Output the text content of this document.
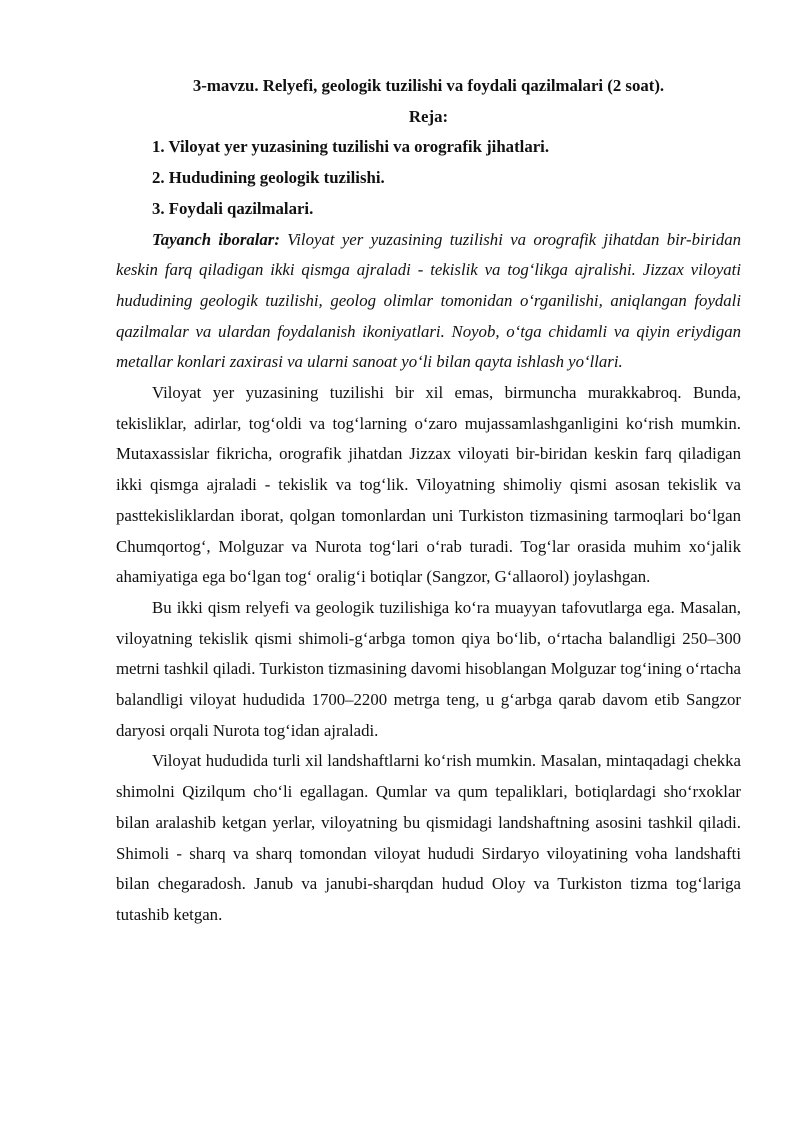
3-mavzu. Relyefi, geologik tuzilishi va foydali qazilmalari (2 soat).

Reja:

1. Viloyat yer yuzasining tuzilishi va orografik jihatlari.

2. Hududining geologik tuzilishi.

3. Foydali qazilmalari.

Tayanch iboralar: Viloyat yer yuzasining tuzilishi va orografik jihatdan bir-biridan keskin farq qiladigan ikki qismga ajraladi - tekislik va tog‘likga ajralishi. Jizzax viloyati hududining geologik tuzilishi, geolog olimlar tomonidan o‘rganilishi, aniqlangan foydali qazilmalar va ulardan foydalanish ikoniyatlari. Noyob, o‘tga chidamli va qiyin eriydigan metallar konlari zaxirasi va ularni sanoat yo‘li bilan qayta ishlash yo‘llari.

Viloyat yer yuzasining tuzilishi bir xil emas, birmuncha murakkabroq. Bunda, tekisliklar, adirlar, tog‘oldi va tog‘larning o‘zaro mujassamlashganligini ko‘rish mumkin. Mutaxassislar fikricha, orografik jihatdan Jizzax viloyati bir-biridan keskin farq qiladigan ikki qismga ajraladi - tekislik va tog‘lik. Viloyatning shimoliy qismi asosan tekislik va pasttekisliklardan iborat, qolgan tomonlardan uni Turkiston tizmasining tarmoqlari bo‘lgan Chumqortog‘, Molguzar va Nurota tog‘lari o‘rab turadi. Tog‘lar orasida muhim xo‘jalik ahamiyatiga ega bo‘lgan tog‘ oralig‘i botiqlar (Sangzor, G‘allaorol) joylashgan.

Bu ikki qism relyefi va geologik tuzilishiga ko‘ra muayyan tafovutlarga ega. Masalan, viloyatning tekislik qismi shimoli-g‘arbga tomon qiya bo‘lib, o‘rtacha balandligi 250–300 metrni tashkil qiladi. Turkiston tizmasining davomi hisoblangan Molguzar tog‘ining o‘rtacha balandligi viloyat hududida 1700–2200 metrga teng, u g‘arbga qarab davom etib Sangzor daryosi orqali Nurota tog‘idan ajraladi.

Viloyat hududida turli xil landshaftlarni ko‘rish mumkin. Masalan, mintaqadagi chekka shimolni Qizilqum cho‘li egallagan. Qumlar va qum tepaliklari, botiqlardagi sho‘rxoklar bilan aralashib ketgan yerlar, viloyatning bu qismidagi landshaftning asosini tashkil qiladi. Shimoli - sharq va sharq tomondan viloyat hududi Sirdaryo viloyatining voha landshafti bilan chegaradosh. Janub va janubi-sharqdan hudud Oloy va Turkiston tizma tog‘lariga tutashib ketgan.
